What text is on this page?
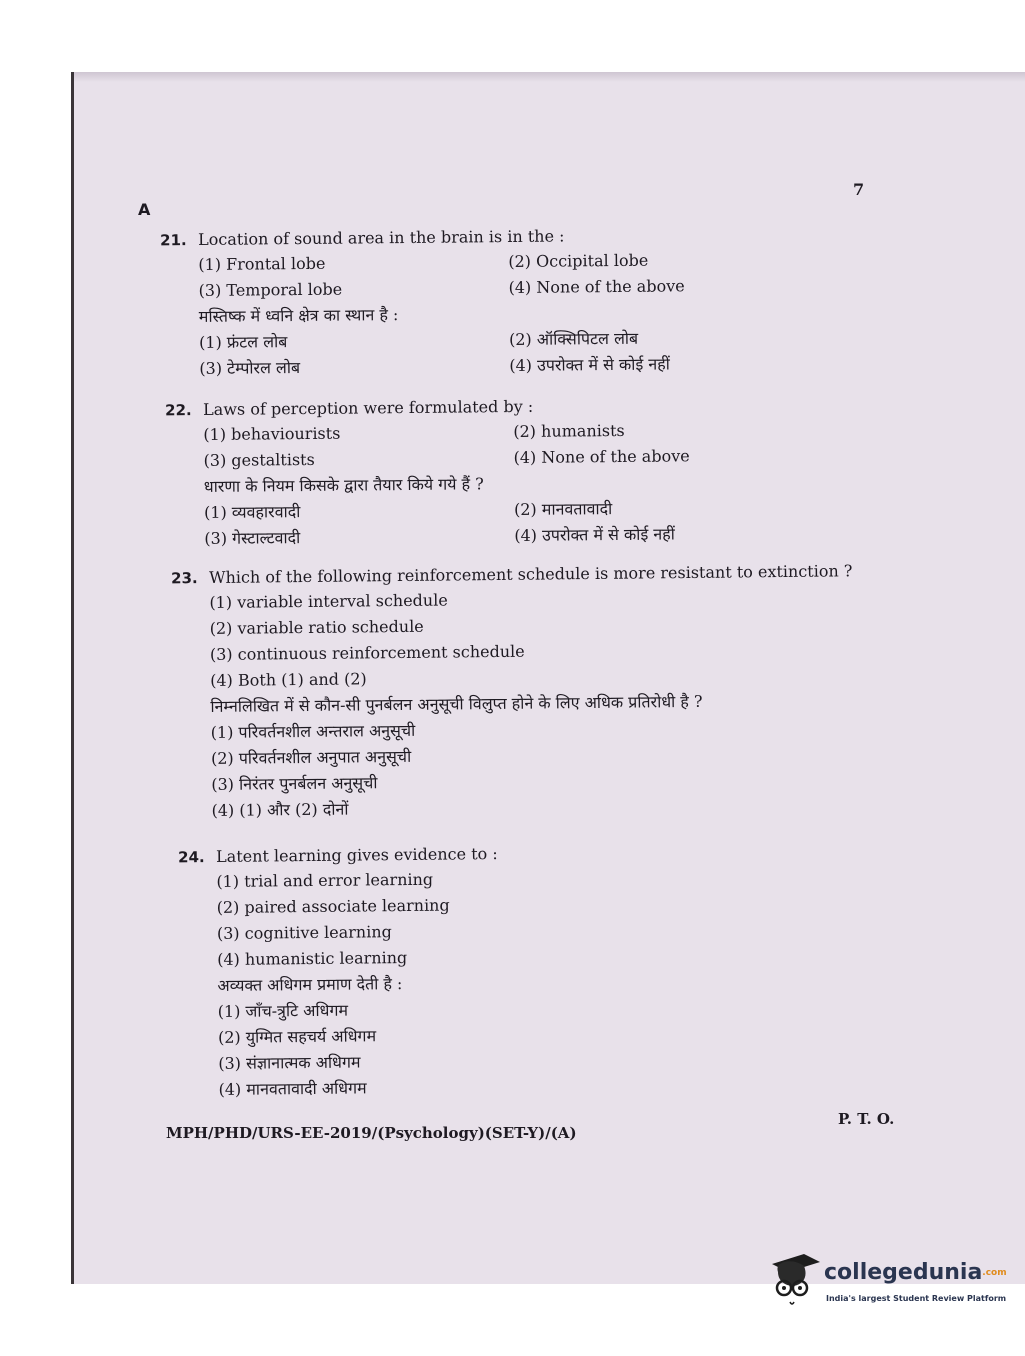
7
A
21. Location of sound area in the brain is in the :
(1) Frontal lobe	(2) Occipital lobe
(3) Temporal lobe	(4) None of the above
मस्तिष्क में ध्वनि क्षेत्र का स्थान है :
(1) फ्रंटल लोब	(2) ऑक्सिपिटल लोब
(3) टेम्पोरल लोब	(4) उपरोक्त में से कोई नहीं
22. Laws of perception were formulated by :
(1) behaviourists	(2) humanists
(3) gestaltists	(4) None of the above
धारणा के नियम किसके द्वारा तैयार किये गये हैं ?
(1) व्यवहारवादी	(2) मानवतावादी
(3) गेस्टाल्टवादी	(4) उपरोक्त में से कोई नहीं
23. Which of the following reinforcement schedule is more resistant to extinction ?
(1) variable interval schedule
(2) variable ratio schedule
(3) continuous reinforcement schedule
(4) Both (1) and (2)
निम्नलिखित में से कौन-सी पुनर्बलन अनुसूची विलुप्त होने के लिए अधिक प्रतिरोधी है ?
(1) परिवर्तनशील अन्तराल अनुसूची
(2) परिवर्तनशील अनुपात अनुसूची
(3) निरंतर पुनर्बलन अनुसूची
(4) (1) और (2) दोनों
24. Latent learning gives evidence to :
(1) trial and error learning
(2) paired associate learning
(3) cognitive learning
(4) humanistic learning
अव्यक्त अधिगम प्रमाण देती है :
(1) जाँच-त्रुटि अधिगम
(2) युग्मित सहचर्य अधिगम
(3) संज्ञानात्मक अधिगम
(4) मानवतावादी अधिगम
MPH/PHD/URS-EE-2019/(Psychology)(SET-Y)/(A)
P. T. O.
collegedunia.com
India's largest Student Review Platform
